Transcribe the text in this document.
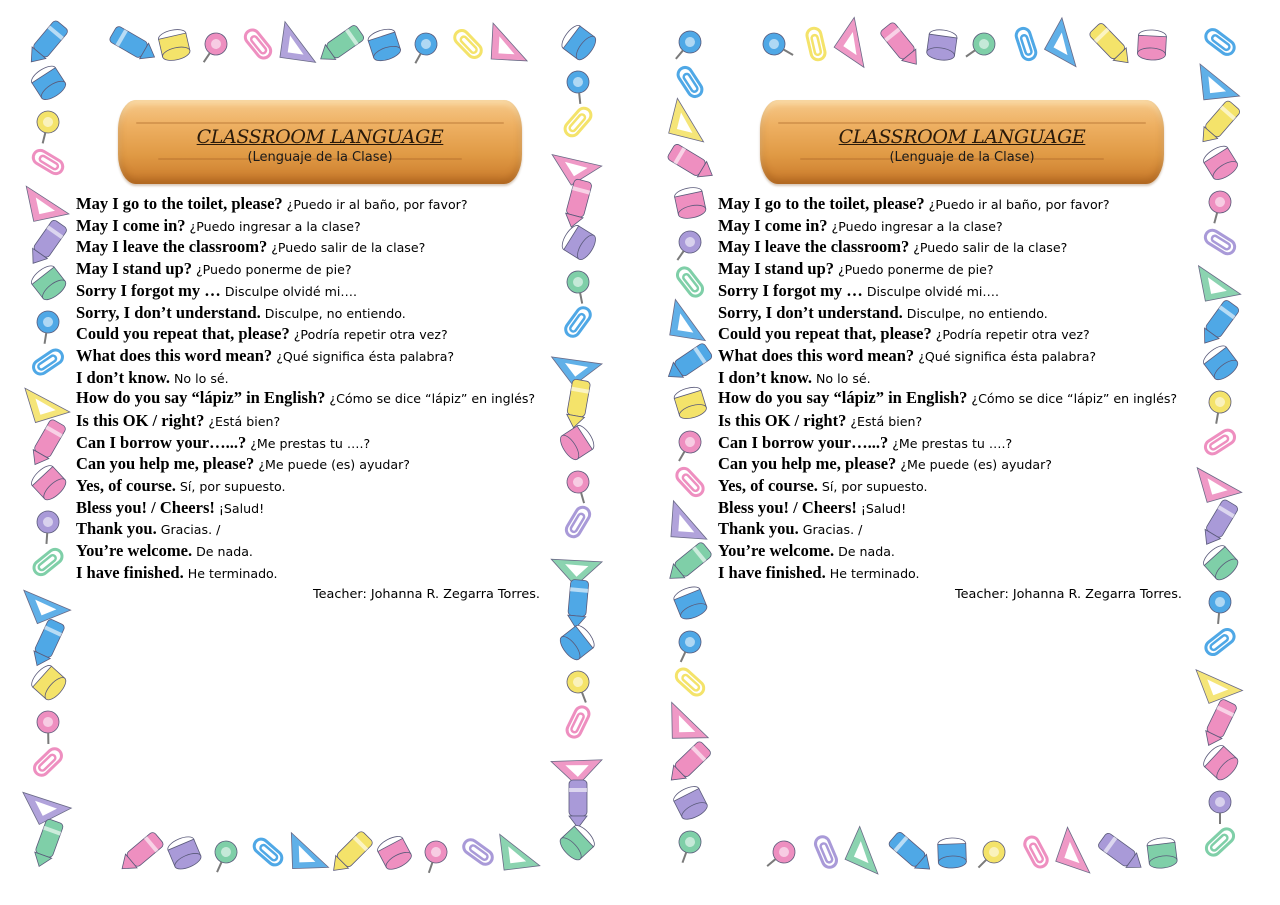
CLASSROOM LANGUAGE
(Lenguaje de la Clase)
May I go to the toilet, please? ¿Puedo ir al baño, por favor?
May I come in? ¿Puedo ingresar a la clase?
May I leave the classroom? ¿Puedo salir de la clase?
May I stand up? ¿Puedo ponerme de pie?
Sorry I forgot my … Disculpe olvidé mi….
Sorry, I don’t understand. Disculpe, no entiendo.
Could you repeat that, please? ¿Podría repetir otra vez?
What does this word mean? ¿Qué significa ésta palabra?
I don’t know. No lo sé.
How do you say “lápiz” in English? ¿Cómo se dice “lápiz” en inglés?
Is this OK / right? ¿Está bien?
Can I borrow your…...? ¿Me prestas tu ….?
Can you help me, please? ¿Me puede (es) ayudar?
Yes, of course. Sí, por supuesto.
Bless you! / Cheers! ¡Salud!
Thank you. Gracias. /
You’re welcome. De nada.
I have finished. He terminado.
Teacher: Johanna R. Zegarra Torres.
CLASSROOM LANGUAGE
(Lenguaje de la Clase)
May I go to the toilet, please? ¿Puedo ir al baño, por favor?
May I come in? ¿Puedo ingresar a la clase?
May I leave the classroom? ¿Puedo salir de la clase?
May I stand up? ¿Puedo ponerme de pie?
Sorry I forgot my … Disculpe olvidé mi….
Sorry, I don’t understand. Disculpe, no entiendo.
Could you repeat that, please? ¿Podría repetir otra vez?
What does this word mean? ¿Qué significa ésta palabra?
I don’t know. No lo sé.
How do you say “lápiz” in English? ¿Cómo se dice “lápiz” en inglés?
Is this OK / right? ¿Está bien?
Can I borrow your…...? ¿Me prestas tu ….?
Can you help me, please? ¿Me puede (es) ayudar?
Yes, of course. Sí, por supuesto.
Bless you! / Cheers! ¡Salud!
Thank you. Gracias. /
You’re welcome. De nada.
I have finished. He terminado.
Teacher: Johanna R. Zegarra Torres.
